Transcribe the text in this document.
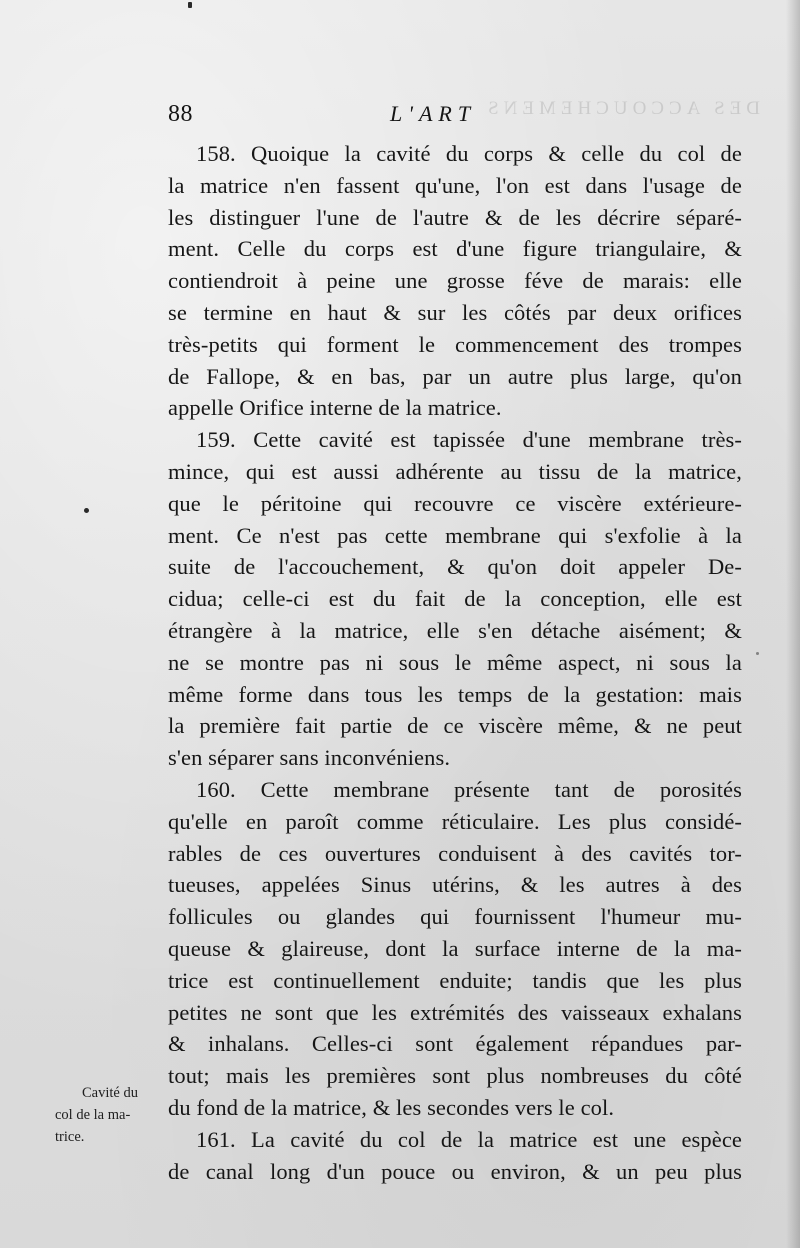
DES ACCOUCHEMENS
88	L'ART
158. Quoique la cavité du corps & celle du col de
la matrice n'en fassent qu'une, l'on est dans l'usage de
les distinguer l'une de l'autre & de les décrire séparé-
ment. Celle du corps est d'une figure triangulaire, &
contiendroit à peine une grosse féve de marais: elle
se termine en haut & sur les côtés par deux orifices
très-petits qui forment le commencement des trompes
de Fallope, & en bas, par un autre plus large, qu'on
appelle Orifice interne de la matrice.
159. Cette cavité est tapissée d'une membrane très-
mince, qui est aussi adhérente au tissu de la matrice,
que le péritoine qui recouvre ce viscère extérieure-
ment. Ce n'est pas cette membrane qui s'exfolie à la
suite de l'accouchement, & qu'on doit appeler De-
cidua; celle-ci est du fait de la conception, elle est
étrangère à la matrice, elle s'en détache aisément; &
ne se montre pas ni sous le même aspect, ni sous la
même forme dans tous les temps de la gestation: mais
la première fait partie de ce viscère même, & ne peut
s'en séparer sans inconvéniens.
160. Cette membrane présente tant de porosités
qu'elle en paroît comme réticulaire. Les plus considé-
rables de ces ouvertures conduisent à des cavités tor-
tueuses, appelées Sinus utérins, & les autres à des
follicules ou glandes qui fournissent l'humeur mu-
queuse & glaireuse, dont la surface interne de la ma-
trice est continuellement enduite; tandis que les plus
petites ne sont que les extrémités des vaisseaux exhalans
& inhalans. Celles-ci sont également répandues par-
tout; mais les premières sont plus nombreuses du côté
du fond de la matrice, & les secondes vers le col.
161. La cavité du col de la matrice est une espèce
de canal long d'un pouce ou environ, & un peu plus
Cavité du
col de la ma-
trice.
